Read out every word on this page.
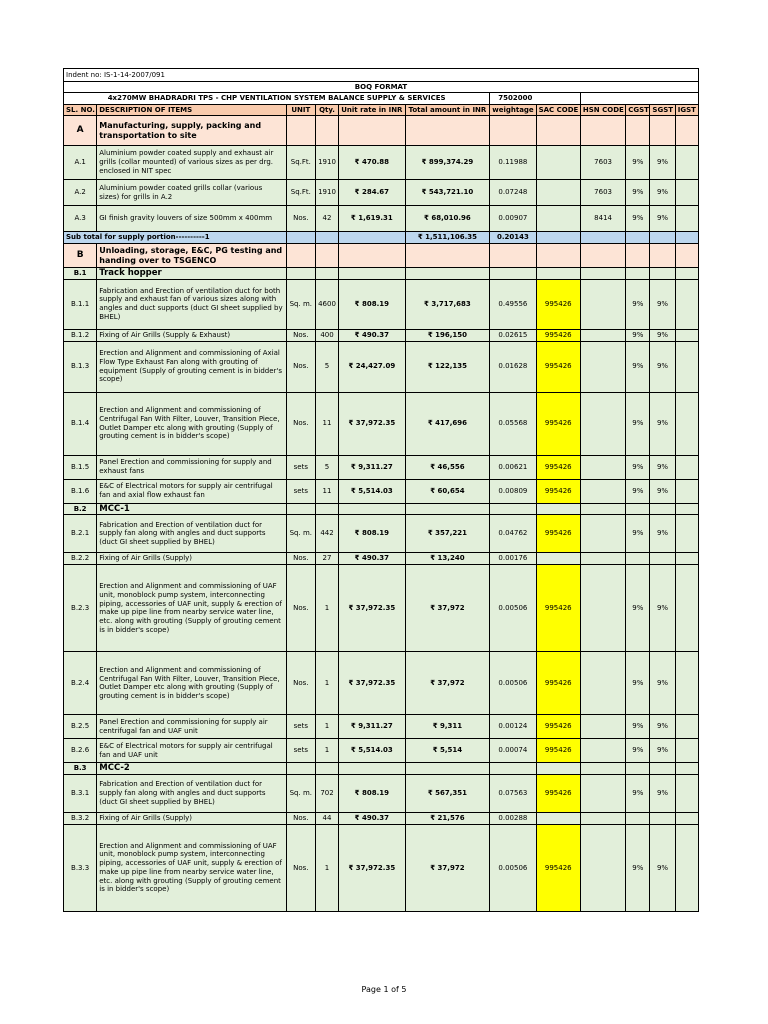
Indent no: IS-1-14-2007/091											
BOQ FORMAT											
4x270MW BHADRADRI TPS - CHP VENTILATION SYSTEM BALANCE SUPPLY & SERVICES						7502000					
SL. NO.	DESCRIPTION OF ITEMS	UNIT	Qty.	Unit rate in INR	Total amount in INR	weightage	SAC CODE	HSN CODE	CGST	SGST	IGST
A	Manufacturing, supply, packing and transportation to site										
A.1	Aluminium powder coated supply and exhaust air grills (collar mounted) of various sizes as per drg. enclosed in NIT spec	Sq.Ft.	1910	₹ 470.88	₹ 899,374.29	0.11988		7603	9%	9%	
A.2	Aluminium powder coated grills collar (various sizes) for grills in A.2	Sq.Ft.	1910	₹ 284.67	₹ 543,721.10	0.07248		7603	9%	9%	
A.3	GI finish gravity louvers of size 500mm x 400mm	Nos.	42	₹ 1,619.31	₹ 68,010.96	0.00907		8414	9%	9%	
Sub total for supply portion----------1					₹ 1,511,106.35	0.20143					
B	Unloading, storage, E&C, PG testing and handing over to TSGENCO										
B.1	Track hopper										
B.1.1	Fabrication and Erection of ventilation duct for both supply and exhaust fan of various sizes along with angles and duct supports (duct GI sheet supplied by BHEL)	Sq. m.	4600	₹ 808.19	₹ 3,717,683	0.49556	995426		9%	9%	
B.1.2	Fixing of Air Grills (Supply & Exhaust)	Nos.	400	₹ 490.37	₹ 196,150	0.02615	995426		9%	9%	
B.1.3	Erection and Alignment and commissioning of Axial Flow Type Exhaust Fan along with grouting of equipment (Supply of grouting cement is in bidder's scope)	Nos.	5	₹ 24,427.09	₹ 122,135	0.01628	995426		9%	9%	
B.1.4	Erection and Alignment and commissioning of Centrifugal Fan With Filter, Louver, Transition Piece, Outlet Damper etc along with grouting (Supply of grouting cement is in bidder's scope)	Nos.	11	₹ 37,972.35	₹ 417,696	0.05568	995426		9%	9%	
B.1.5	Panel Erection and commissioning for supply and exhaust fans	sets	5	₹ 9,311.27	₹ 46,556	0.00621	995426		9%	9%	
B.1.6	E&C of Electrical motors for supply air centrifugal fan and axial flow exhaust fan	sets	11	₹ 5,514.03	₹ 60,654	0.00809	995426		9%	9%	
B.2	MCC-1										
B.2.1	Fabrication and Erection of ventilation duct for supply fan along with angles and duct supports (duct GI sheet supplied by BHEL)	Sq. m.	442	₹ 808.19	₹ 357,221	0.04762	995426		9%	9%	
B.2.2	Fixing of Air Grills (Supply)	Nos.	27	₹ 490.37	₹ 13,240	0.00176					
B.2.3	Erection and Alignment and commissioning of UAF unit, monoblock pump system, interconnecting piping, accessories of UAF unit, supply & erection of make up pipe line from nearby service water line, etc. along with grouting (Supply of grouting cement is in bidder's scope)	Nos.	1	₹ 37,972.35	₹ 37,972	0.00506	995426		9%	9%	
B.2.4	Erection and Alignment and commissioning of Centrifugal Fan With Filter, Louver, Transition Piece, Outlet Damper etc along with grouting (Supply of grouting cement is in bidder's scope)	Nos.	1	₹ 37,972.35	₹ 37,972	0.00506	995426		9%	9%	
B.2.5	Panel Erection and commissioning for supply air centrifugal fan and UAF unit	sets	1	₹ 9,311.27	₹ 9,311	0.00124	995426		9%	9%	
B.2.6	E&C of Electrical motors for supply air centrifugal fan and UAF unit	sets	1	₹ 5,514.03	₹ 5,514	0.00074	995426		9%	9%	
B.3	MCC-2										
B.3.1	Fabrication and Erection of ventilation duct for supply fan along with angles and duct supports (duct GI sheet supplied by BHEL)	Sq. m.	702	₹ 808.19	₹ 567,351	0.07563	995426		9%	9%	
B.3.2	Fixing of Air Grills (Supply)	Nos.	44	₹ 490.37	₹ 21,576	0.00288					
B.3.3	Erection and Alignment and commissioning of UAF unit, monoblock pump system, interconnecting piping, accessories of UAF unit, supply & erection of make up pipe line from nearby service water line, etc. along with grouting (Supply of grouting cement is in bidder's scope)	Nos.	1	₹ 37,972.35	₹ 37,972	0.00506	995426		9%	9%	
Page 1 of 5
